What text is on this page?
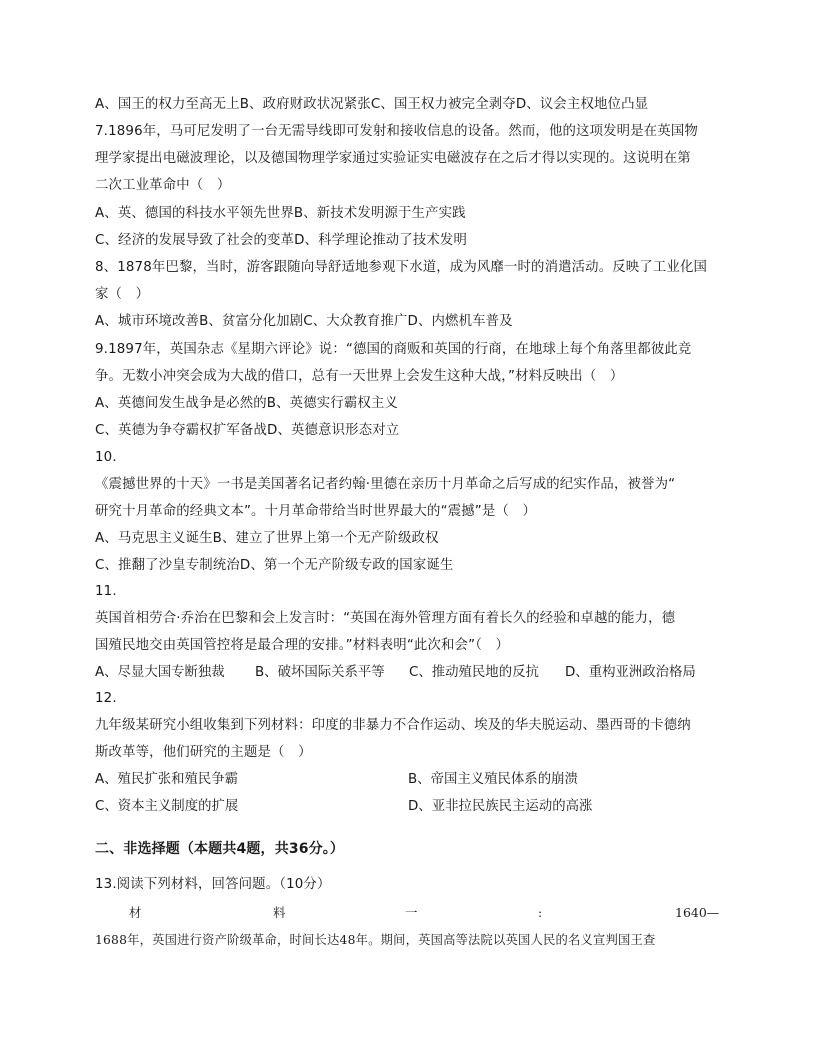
A、国王的权力至高无上B、政府财政状况紧张C、国王权力被完全剥夺D、议会主权地位凸显
7.1896年，马可尼发明了一台无需导线即可发射和接收信息的设备。然而，他的这项发明是在英国物
理学家提出电磁波理论，以及德国物理学家通过实验证实电磁波存在之后才得以实现的。这说明在第
二次工业革命中（　）
A、英、德国的科技水平领先世界B、新技术发明源于生产实践
C、经济的发展导致了社会的变革D、科学理论推动了技术发明
8、1878年巴黎，当时，游客跟随向导舒适地参观下水道，成为风靡一时的消遣活动。反映了工业化国
家（　）
A、城市环境改善B、贫富分化加剧C、大众教育推广D、内燃机车普及
9.1897年，英国杂志《星期六评论》说：“德国的商贩和英国的行商，在地球上每个角落里都彼此竞
争。无数小冲突会成为大战的借口，总有一天世界上会发生这种大战，”材料反映出（　）
A、英德间发生战争是必然的B、英德实行霸权主义
C、英德为争夺霸权扩军备战D、英德意识形态对立
10.
《震撼世界的十天》一书是美国著名记者约翰·里德在亲历十月革命之后写成的纪实作品，被誉为“
研究十月革命的经典文本”。十月革命带给当时世界最大的“震撼”是（　）
A、马克思主义诞生B、建立了世界上第一个无产阶级政权
C、推翻了沙皇专制统治D、第一个无产阶级专政的国家诞生
11.
英国首相劳合·乔治在巴黎和会上发言时：“英国在海外管理方面有着长久的经验和卓越的能力，德
国殖民地交由英国管控将是最合理的安排。”材料表明“此次和会”（　）
A、尽显大国专断独裁 B、破坏国际关系平等 C、推动殖民地的反抗 D、重构亚洲政治格局
12.
九年级某研究小组收集到下列材料：印度的非暴力不合作运动、埃及的华夫脱运动、墨西哥的卡德纳
斯改革等，他们研究的主题是（　）
A、殖民扩张和殖民争霸	B、帝国主义殖民体系的崩溃
C、资本主义制度的扩展	D、亚非拉民族民主运动的高涨
二、非选择题（本题共4题，共36分。）
13.阅读下列材料，回答问题。（10分）
材	料	一	:	1640—
1688年，英国进行资产阶级革命，时间长达48年。期间，英国高等法院以英国人民的名义宣判国王查
